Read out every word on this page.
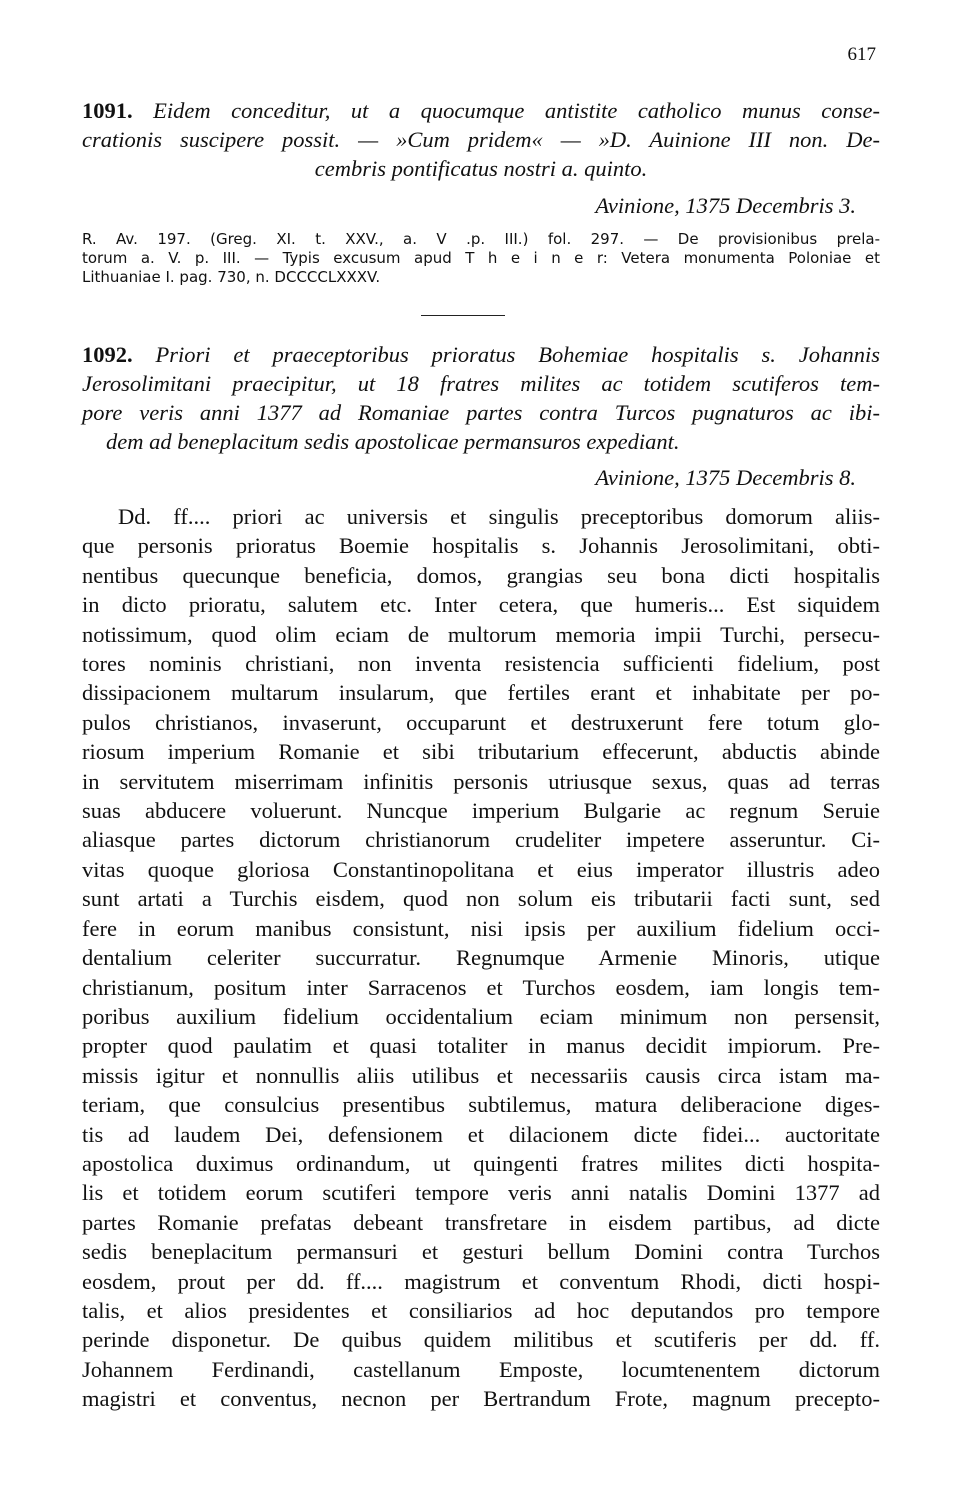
617
1091. Eidem conceditur, ut a quocumque antistite catholico munus conse-
crationis suscipere possit. — »Cum pridem« — »D. Auinione III non. De-
cembris pontificatus nostri a. quinto.
Avinione, 1375 Decembris 3.
R. Av. 197. (Greg. XI. t. XXV., a. V .p. III.) fol. 297. — De provisionibus prela-
torum a. V. p. III. — Typis excusum apud T h e i n e r: Vetera monumenta Poloniae et
Lithuaniae I. pag. 730, n. DCCCCLXXXV.
1092. Priori et praeceptoribus prioratus Bohemiae hospitalis s. Johannis
Jerosolimitani praecipitur, ut 18 fratres milites ac totidem scutiferos tem-
pore veris anni 1377 ad Romaniae partes contra Turcos pugnaturos ac ibi-
dem ad beneplacitum sedis apostolicae permansuros expediant.
Avinione, 1375 Decembris 8.
Dd. ff.... priori ac universis et singulis preceptoribus domorum aliis-
que personis prioratus Boemie hospitalis s. Johannis Jerosolimitani, obti-
nentibus quecunque beneficia, domos, grangias seu bona dicti hospitalis
in dicto prioratu, salutem etc. Inter cetera, que humeris... Est siquidem
notissimum, quod olim eciam de multorum memoria impii Turchi, persecu-
tores nominis christiani, non inventa resistencia sufficienti fidelium, post
dissipacionem multarum insularum, que fertiles erant et inhabitate per po-
pulos christianos, invaserunt, occuparunt et destruxerunt fere totum glo-
riosum imperium Romanie et sibi tributarium effecerunt, abductis abinde
in servitutem miserrimam infinitis personis utriusque sexus, quas ad terras
suas abducere voluerunt. Nuncque imperium Bulgarie ac regnum Seruie
aliasque partes dictorum christianorum crudeliter impetere asseruntur. Ci-
vitas quoque gloriosa Constantinopolitana et eius imperator illustris adeo
sunt artati a Turchis eisdem, quod non solum eis tributarii facti sunt, sed
fere in eorum manibus consistunt, nisi ipsis per auxilium fidelium occi-
dentalium celeriter succurratur. Regnumque Armenie Minoris, utique
christianum, positum inter Sarracenos et Turchos eosdem, iam longis tem-
poribus auxilium fidelium occidentalium eciam minimum non persensit,
propter quod paulatim et quasi totaliter in manus decidit impiorum. Pre-
missis igitur et nonnullis aliis utilibus et necessariis causis circa istam ma-
teriam, que consulcius presentibus subtilemus, matura deliberacione diges-
tis ad laudem Dei, defensionem et dilacionem dicte fidei... auctoritate
apostolica duximus ordinandum, ut quingenti fratres milites dicti hospita-
lis et totidem eorum scutiferi tempore veris anni natalis Domini 1377 ad
partes Romanie prefatas debeant transfretare in eisdem partibus, ad dicte
sedis beneplacitum permansuri et gesturi bellum Domini contra Turchos
eosdem, prout per dd. ff.... magistrum et conventum Rhodi, dicti hospi-
talis, et alios presidentes et consiliarios ad hoc deputandos pro tempore
perinde disponetur. De quibus quidem militibus et scutiferis per dd. ff.
Johannem Ferdinandi, castellanum Emposte, locumtenentem dictorum
magistri et conventus, necnon per Bertrandum Frote, magnum precepto-
